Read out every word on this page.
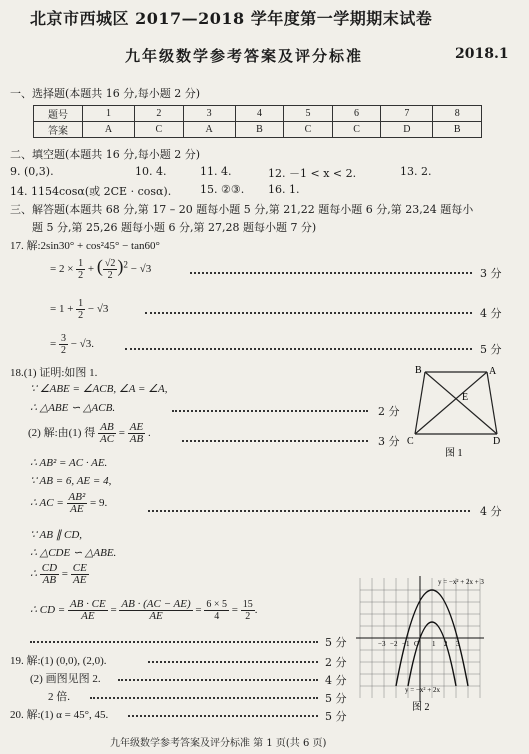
北京市西城区 2017—2018 学年度第一学期期末试卷
九年级数学参考答案及评分标准	2018.1
一、选择题(本题共 16 分,每小题 2 分)
题号	1	2	3	4	5	6	7	8
答案	A	C	A	B	C	C	D	B
二、填空题(本题共 16 分,每小题 2 分)
9. (0,3).	10. 4.	11. 4.	12. －1 < x < 2.	13. 2.
14. 1154cosα(或 2CE · cosα).	15. ②③. 16. 1.
三、解答题(本题共 68 分,第 17 – 20 题每小题 5 分,第 21,22 题每小题 6 分,第 23,24 题每小
题 5 分,第 25,26 题每小题 6 分,第 27,28 题每小题 7 分)
17. 解:2sin30° + cos²45° − tan60°
= $2 \times \frac{1}{2}$ + ( $\frac{√2}{2} )^2 - √3$	3 分
= $1 + \frac{1}{2} - √3$	4 分
= $\frac{3}{2} - √3$.	5 分
18.(1) 证明:如图 1.
∵ ∠ABE = ∠ACB, ∠A = ∠A,
∴ △ABE ∽ △ACB.	2 分
(2) 解:由(1) 得 $\frac{AB}{AC} = \frac{AE}{AB}$ .
3 分
∴ AB² = AC · AE.
∵ AB = 6, AE = 4,
∴ AC = $\frac{\text{AB²}}{AE} = 9$.
4 分
∵ AB ∥ CD,
∴ △CDE ∽ △ABE.
∴ $\frac{CD}{AB} = \frac{CE}{AE}$
∴ CD = $\frac{AB \cdot CE}{AE} = \frac{AB \cdot (AC - AE)}{AE} = \frac{6 \times 5}{4} = \frac{15}{2}$ .
5 分
B	A
E
C	D
图 1
y = −x² + 2x + 3
y = −x² + 2x
−3 −2 −1 O 1 2 3
图 2
19. 解:(1) (0,0), (2,0).	2 分
(2) 画图见图 2.	4 分
2 倍.	5 分
20. 解:(1) α = 45°, 45.	5 分
九年级数学参考答案及评分标准 第 1 页(共 6 页)
